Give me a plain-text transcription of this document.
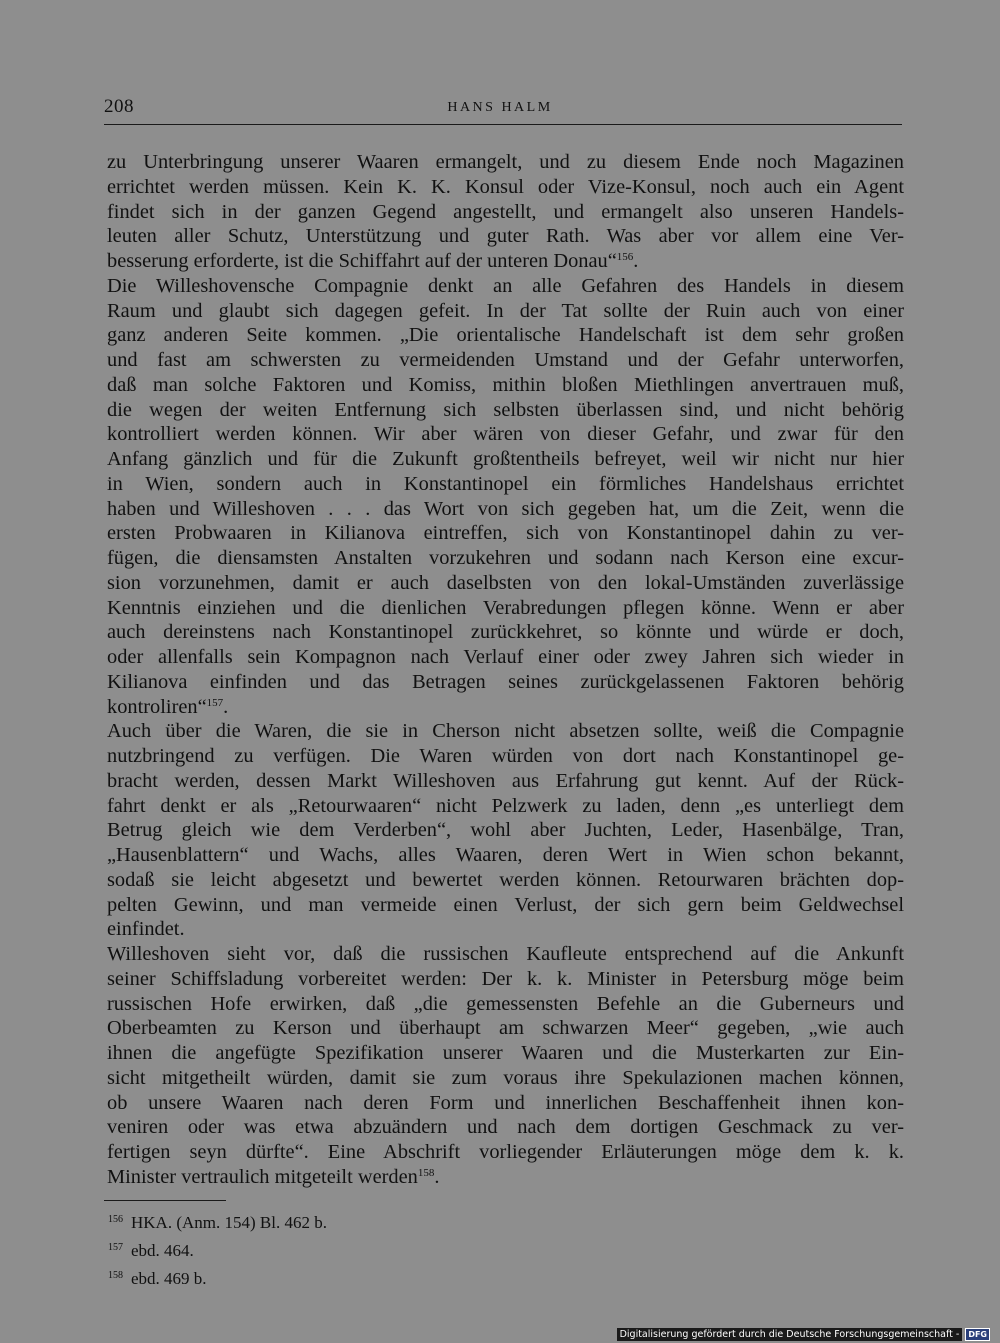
208	HANS HALM
zu Unterbringung unserer Waaren ermangelt, und zu diesem Ende noch Magazinen
errichtet werden müssen. Kein K. K. Konsul oder Vize-Konsul, noch auch ein Agent
findet sich in der ganzen Gegend angestellt, und ermangelt also unseren Handels-
leuten aller Schutz, Unterstützung und guter Rath. Was aber vor allem eine Ver-
besserung erforderte, ist die Schiffahrt auf der unteren Donau“$^{156}$.
Die Willeshovensche Compagnie denkt an alle Gefahren des Handels in diesem
Raum und glaubt sich dagegen gefeit. In der Tat sollte der Ruin auch von einer
ganz anderen Seite kommen. „Die orientalische Handelschaft ist dem sehr großen
und fast am schwersten zu vermeidenden Umstand und der Gefahr unterworfen,
daß man solche Faktoren und Komiss, mithin bloßen Miethlingen anvertrauen muß,
die wegen der weiten Entfernung sich selbsten überlassen sind, und nicht behörig
kontrolliert werden können. Wir aber wären von dieser Gefahr, und zwar für den
Anfang gänzlich und für die Zukunft großtentheils befreyet, weil wir nicht nur hier
in Wien, sondern auch in Konstantinopel ein förmliches Handelshaus errichtet
haben und Willeshoven . . . das Wort von sich gegeben hat, um die Zeit, wenn die
ersten Probwaaren in Kilianova eintreffen, sich von Konstantinopel dahin zu ver-
fügen, die diensamsten Anstalten vorzukehren und sodann nach Kerson eine excur-
sion vorzunehmen, damit er auch daselbsten von den lokal-Umständen zuverlässige
Kenntnis einziehen und die dienlichen Verabredungen pflegen könne. Wenn er aber
auch dereinstens nach Konstantinopel zurückkehret, so könnte und würde er doch,
oder allenfalls sein Kompagnon nach Verlauf einer oder zwey Jahren sich wieder in
Kilianova einfinden und das Betragen seines zurückgelassenen Faktoren behörig
kontroliren“$^{157}$.
Auch über die Waren, die sie in Cherson nicht absetzen sollte, weiß die Compagnie
nutzbringend zu verfügen. Die Waren würden von dort nach Konstantinopel ge-
bracht werden, dessen Markt Willeshoven aus Erfahrung gut kennt. Auf der Rück-
fahrt denkt er als „Retourwaaren“ nicht Pelzwerk zu laden, denn „es unterliegt dem
Betrug gleich wie dem Verderben“, wohl aber Juchten, Leder, Hasenbälge, Tran,
„Hausenblattern“ und Wachs, alles Waaren, deren Wert in Wien schon bekannt,
sodaß sie leicht abgesetzt und bewertet werden können. Retourwaren brächten dop-
pelten Gewinn, und man vermeide einen Verlust, der sich gern beim Geldwechsel
einfindet.
Willeshoven sieht vor, daß die russischen Kaufleute entsprechend auf die Ankunft
seiner Schiffsladung vorbereitet werden: Der k. k. Minister in Petersburg möge beim
russischen Hofe erwirken, daß „die gemessensten Befehle an die Guberneurs und
Oberbeamten zu Kerson und überhaupt am schwarzen Meer“ gegeben, „wie auch
ihnen die angefügte Spezifikation unserer Waaren und die Musterkarten zur Ein-
sicht mitgetheilt würden, damit sie zum voraus ihre Spekulazionen machen können,
ob unsere Waaren nach deren Form und innerlichen Beschaffenheit ihnen kon-
veniren oder was etwa abzuändern und nach dem dortigen Geschmack zu ver-
fertigen seyn dürfte“. Eine Abschrift vorliegender Erläuterungen möge dem k. k.
Minister vertraulich mitgeteilt werden$^{158}$.
$^{156}$ HKA. (Anm. 154) Bl. 462 b.
$^{157}$ ebd. 464.
$^{158}$ ebd. 469 b.
Digitalisierung gefördert durch die Deutsche Forschungsgemeinschaft -	DFG
